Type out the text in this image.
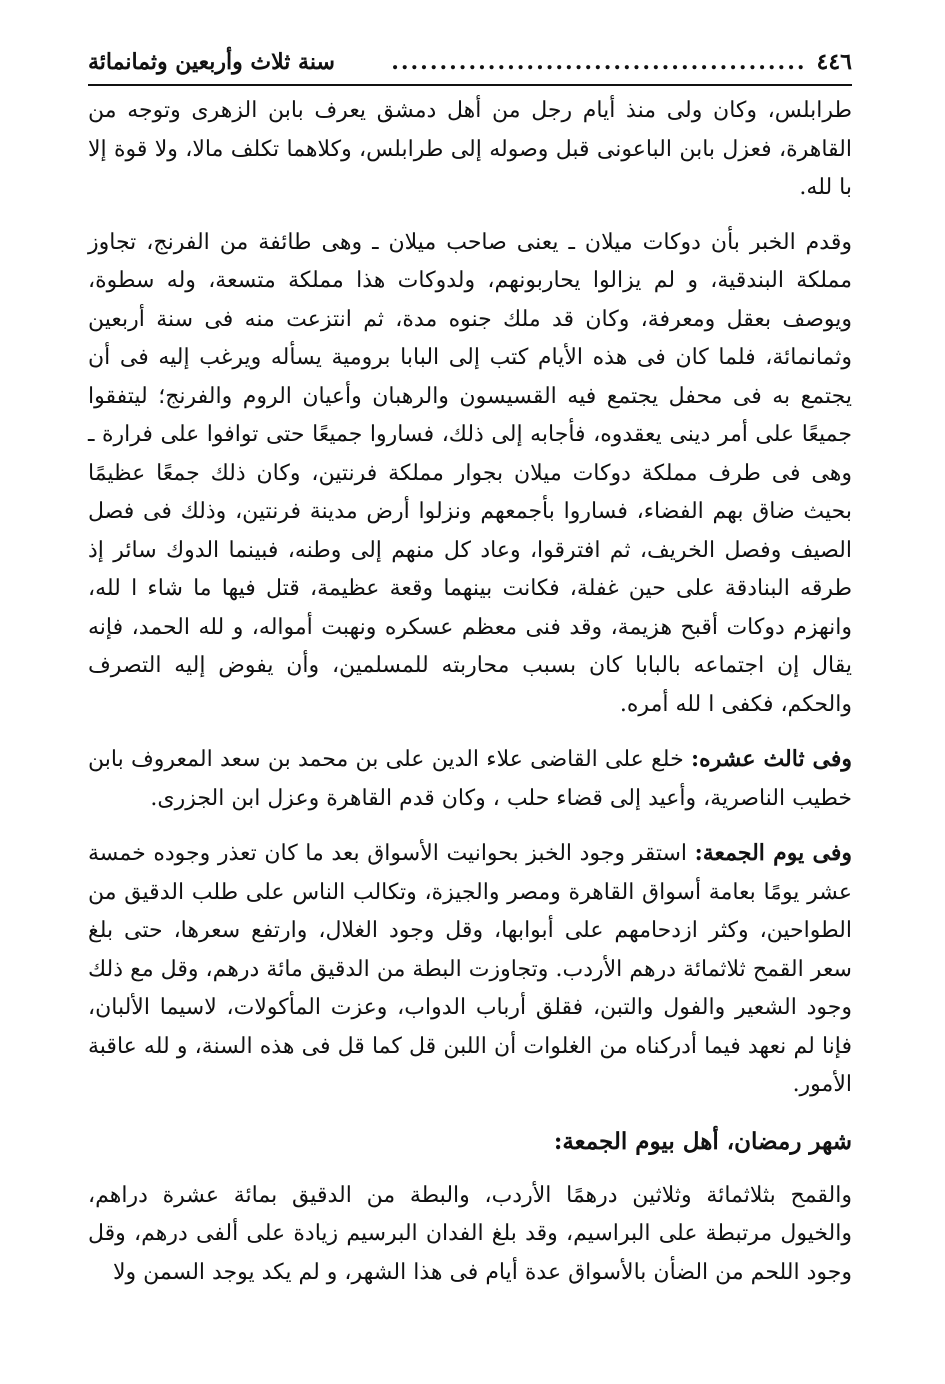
٤٤٦
...........................................
سنة ثلاث وأربعين وثمانمائة

طرابلس، وكان ولى منذ أيام رجل من أهل دمشق يعرف بابن الزهرى وتوجه من القاهرة، فعزل بابن الباعونى قبل وصوله إلى طرابلس، وكلاهما تكلف مالا، ولا قوة إلا با لله.

وقدم الخبر بأن دوكات ميلان ـ يعنى صاحب ميلان ـ وهى طائفة من الفرنج، تجاوز مملكة البندقية، و لم يزالوا يحاربونهم، ولدوكات هذا مملكة متسعة، وله سطوة، ويوصف بعقل ومعرفة، وكان قد ملك جنوه مدة، ثم انتزعت منه فى سنة أربعين وثمانمائة، فلما كان فى هذه الأيام كتب إلى البابا برومية يسأله ويرغب إليه فى أن يجتمع به فى محفل يجتمع فيه القسيسون والرهبان وأعيان الروم والفرنج؛ ليتفقوا جميعًا على أمر دينى يعقدوه، فأجابه إلى ذلك، فساروا جميعًا حتى توافوا على فرارة ـ وهى فى طرف مملكة دوكات ميلان بجوار مملكة فرنتين، وكان ذلك جمعًا عظيمًا بحيث ضاق بهم الفضاء، فساروا بأجمعهم ونزلوا أرض مدينة فرنتين، وذلك فى فصل الصيف وفصل الخريف، ثم افترقوا، وعاد كل منهم إلى وطنه، فبينما الدوك سائر إذ طرقه البنادقة على حين غفلة، فكانت بينهما وقعة عظيمة، قتل فيها ما شاء ا لله، وانهزم دوكات أقبح هزيمة، وقد فنى معظم عسكره ونهبت أمواله، و لله الحمد، فإنه يقال إن اجتماعه بالبابا كان بسبب محاربته للمسلمين، وأن يفوض إليه التصرف والحكم، فكفى ا لله أمره.

وفى ثالث عشره: خلع على القاضى علاء الدين على بن محمد بن سعد المعروف بابن خطيب الناصرية، وأعيد إلى قضاء حلب ، وكان قدم القاهرة وعزل ابن الجزرى.

وفى يوم الجمعة: استقر وجود الخبز بحوانيت الأسواق بعد ما كان تعذر وجوده خمسة عشر يومًا بعامة أسواق القاهرة ومصر والجيزة، وتكالب الناس على طلب الدقيق من الطواحين، وكثر ازدحامهم على أبوابها، وقل وجود الغلال، وارتفع سعرها، حتى بلغ سعر القمح ثلاثمائة درهم الأردب. وتجاوزت البطة من الدقيق مائة درهم، وقل مع ذلك وجود الشعير والفول والتبن، فقلق أرباب الدواب، وعزت المأكولات، لاسيما الألبان، فإنا لم نعهد فيما أدركناه من الغلوات أن اللبن قل كما قل فى هذه السنة، و لله عاقبة الأمور.

شهر رمضان، أهل بيوم الجمعة:

والقمح بثلاثمائة وثلاثين درهمًا الأردب، والبطة من الدقيق بمائة عشرة دراهم، والخيول مرتبطة على البراسيم، وقد بلغ الفدان البرسيم زيادة على ألفى درهم، وقل وجود اللحم من الضأن بالأسواق عدة أيام فى هذا الشهر، و لم يكد يوجد السمن ولا
